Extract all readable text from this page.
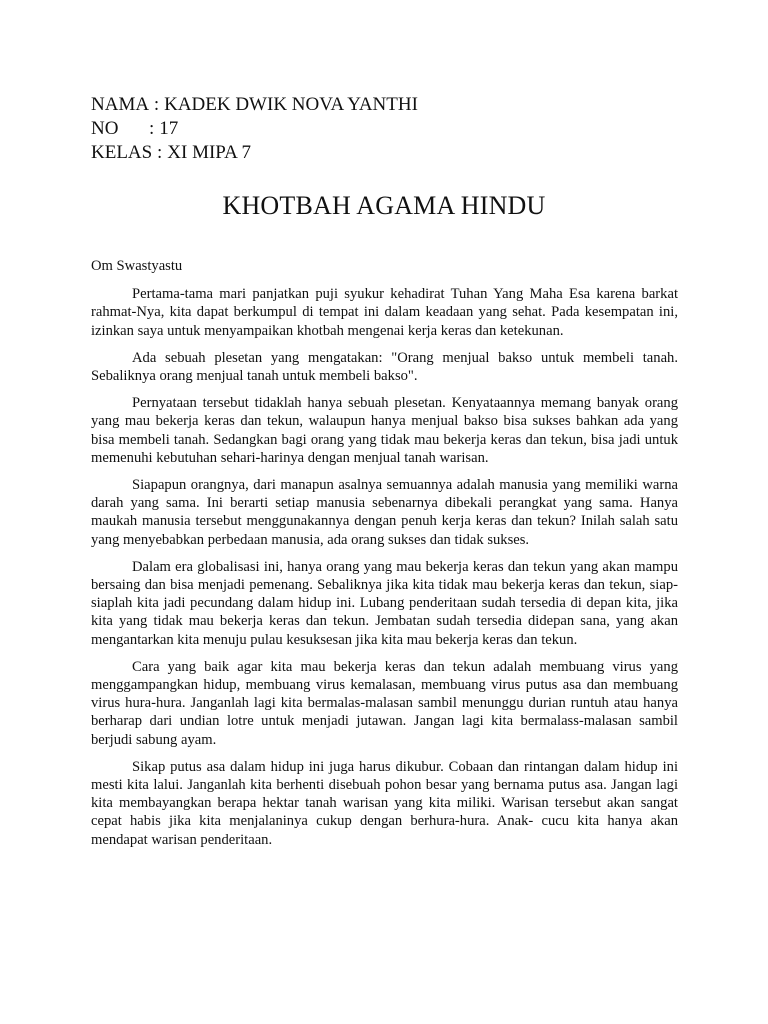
NAMA
: KADEK DWIK NOVA YANTHI
NO	: 17
KELAS
: XI MIPA 7
KHOTBAH AGAMA HINDU

Om Swastyastu

Pertama-tama mari panjatkan puji syukur kehadirat Tuhan Yang Maha Esa karena barkat rahmat-Nya, kita dapat berkumpul di tempat ini dalam keadaan yang sehat. Pada kesempatan ini, izinkan saya untuk menyampaikan khotbah mengenai kerja keras dan ketekunan.

Ada sebuah plesetan yang mengatakan: "Orang menjual bakso untuk membeli tanah. Sebaliknya orang menjual tanah untuk membeli bakso".

Pernyataan tersebut tidaklah hanya sebuah plesetan. Kenyataannya memang banyak orang yang mau bekerja keras dan tekun, walaupun hanya menjual bakso bisa sukses bahkan ada yang bisa membeli tanah. Sedangkan bagi orang yang tidak mau bekerja keras dan tekun, bisa jadi untuk memenuhi kebutuhan sehari-harinya dengan menjual tanah warisan.

Siapapun orangnya, dari manapun asalnya semuannya adalah manusia yang memiliki warna darah yang sama. Ini berarti setiap manusia sebenarnya dibekali perangkat yang sama. Hanya maukah manusia tersebut menggunakannya dengan penuh kerja keras dan tekun? Inilah salah satu yang menyebabkan perbedaan manusia, ada orang sukses dan tidak sukses.

Dalam era globalisasi ini, hanya orang yang mau bekerja keras dan tekun yang akan mampu bersaing dan bisa menjadi pemenang. Sebaliknya jika kita tidak mau bekerja keras dan tekun, siap-siaplah kita jadi pecundang dalam hidup ini. Lubang penderitaan sudah tersedia di depan kita, jika kita yang tidak mau bekerja keras dan tekun. Jembatan sudah tersedia didepan sana, yang akan mengantarkan kita menuju pulau kesuksesan jika kita mau bekerja keras dan tekun.

Cara yang baik agar kita mau bekerja keras dan tekun adalah membuang virus yang menggampangkan hidup, membuang virus kemalasan, membuang virus putus asa dan membuang virus hura-hura. Janganlah lagi kita bermalas-malasan sambil menunggu durian runtuh atau hanya berharap dari undian lotre untuk menjadi jutawan. Jangan lagi kita bermalass-malasan sambil berjudi sabung ayam.

Sikap putus asa dalam hidup ini juga harus dikubur. Cobaan dan rintangan dalam hidup ini mesti kita lalui. Janganlah kita berhenti disebuah pohon besar yang bernama putus asa. Jangan lagi kita membayangkan berapa hektar tanah warisan yang kita miliki. Warisan tersebut akan sangat cepat habis jika kita menjalaninya cukup dengan berhura-hura. Anak- cucu kita hanya akan mendapat warisan penderitaan.
